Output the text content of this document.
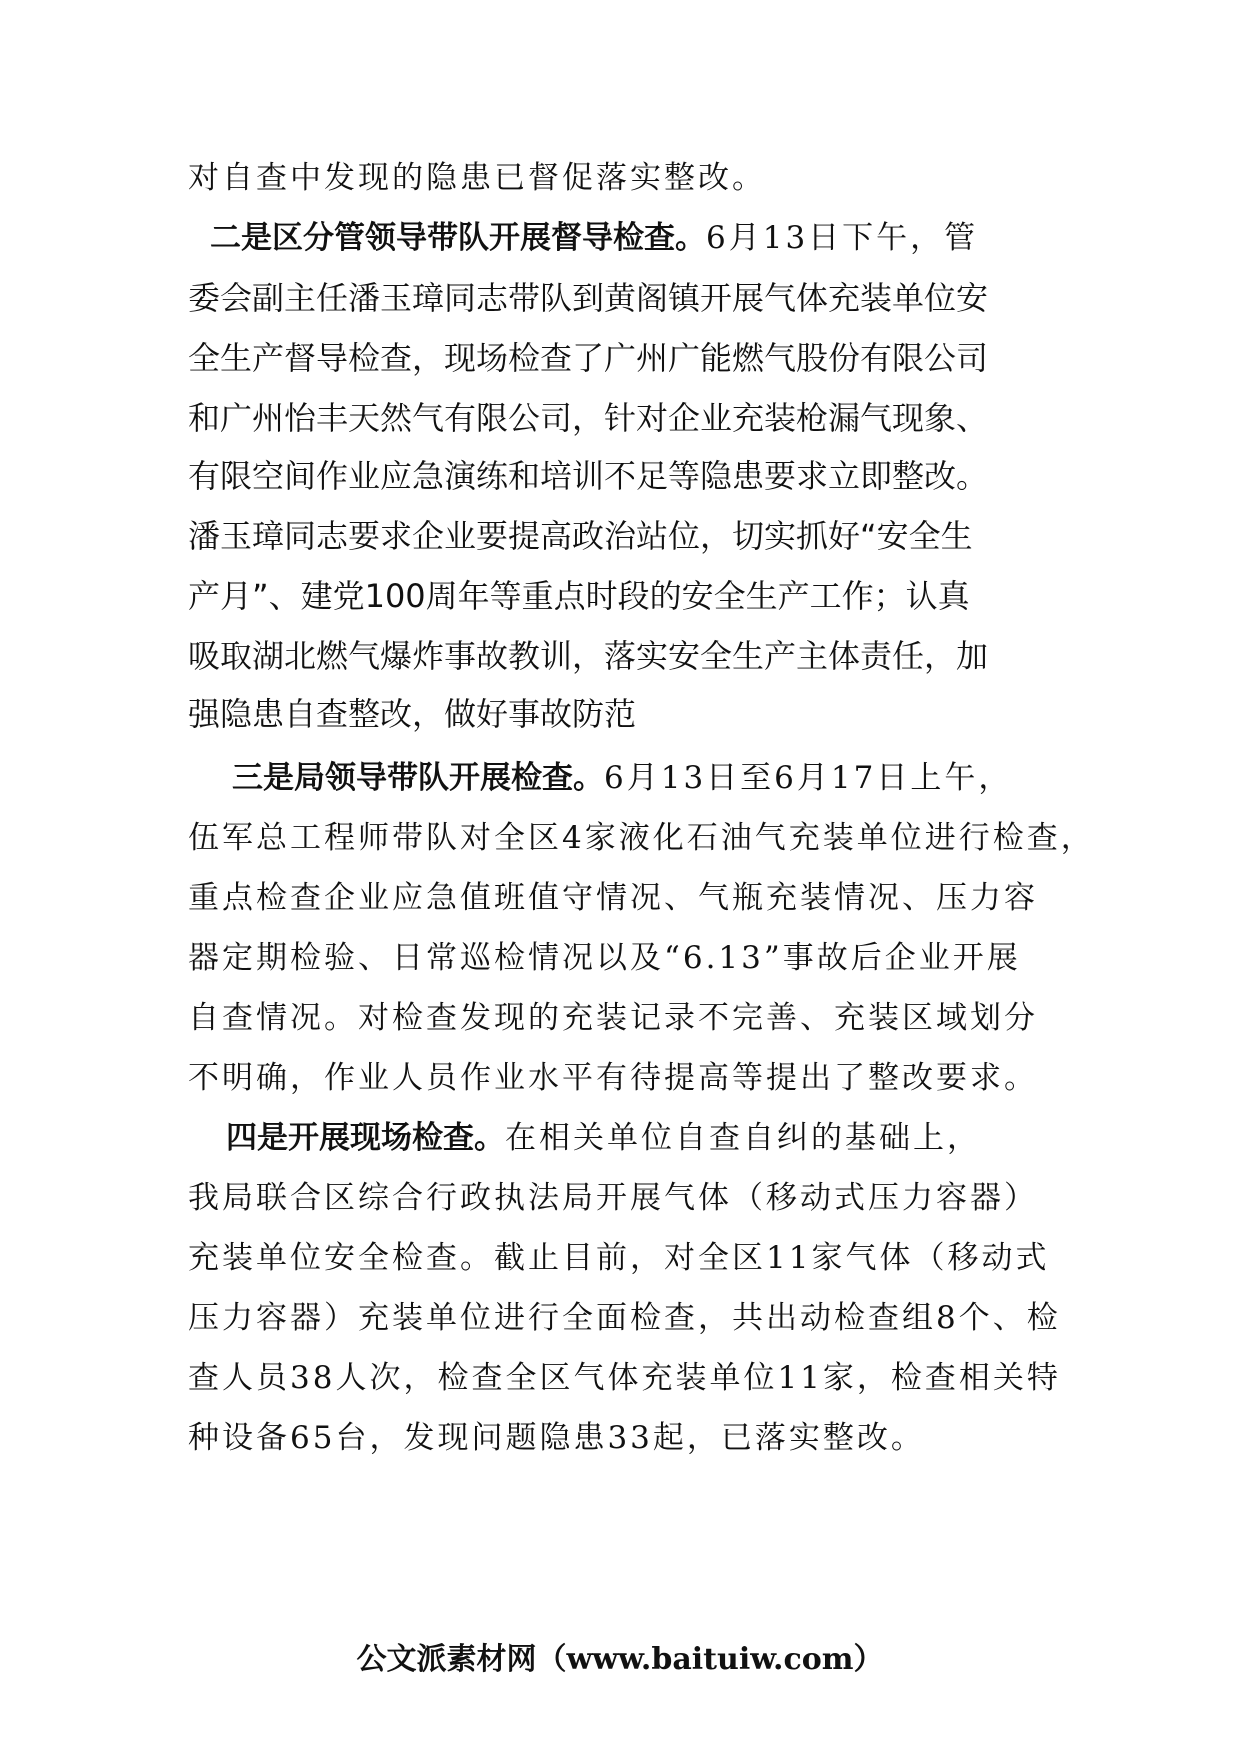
对自查中发现的隐患已督促落实整改。
二是区分管领导带队开展督导检查。6月13日下午，管
委会副主任潘玉璋同志带队到黄阁镇开展气体充装单位安
全生产督导检查，现场检查了广州广能燃气股份有限公司
和广州怡丰天然气有限公司，针对企业充装枪漏气现象、
有限空间作业应急演练和培训不足等隐患要求立即整改。
潘玉璋同志要求企业要提高政治站位，切实抓好“安全生
产月”、建党100周年等重点时段的安全生产工作；认真
吸取湖北燃气爆炸事故教训，落实安全生产主体责任，加
强隐患自查整改，做好事故防范
三是局领导带队开展检查。6月13日至6月17日上午，
伍军总工程师带队对全区4家液化石油气充装单位进行检查，
重点检查企业应急值班值守情况、气瓶充装情况、压力容
器定期检验、日常巡检情况以及“6.13”事故后企业开展
自查情况。对检查发现的充装记录不完善、充装区域划分
不明确，作业人员作业水平有待提高等提出了整改要求。
四是开展现场检查。在相关单位自查自纠的基础上，
我局联合区综合行政执法局开展气体（移动式压力容器）
充装单位安全检查。截止目前，对全区11家气体（移动式
压力容器）充装单位进行全面检查，共出动检查组8个、检
查人员38人次，检查全区气体充装单位11家，检查相关特
种设备65台，发现问题隐患33起，已落实整改。
公文派素材网（www.baituiw.com）
